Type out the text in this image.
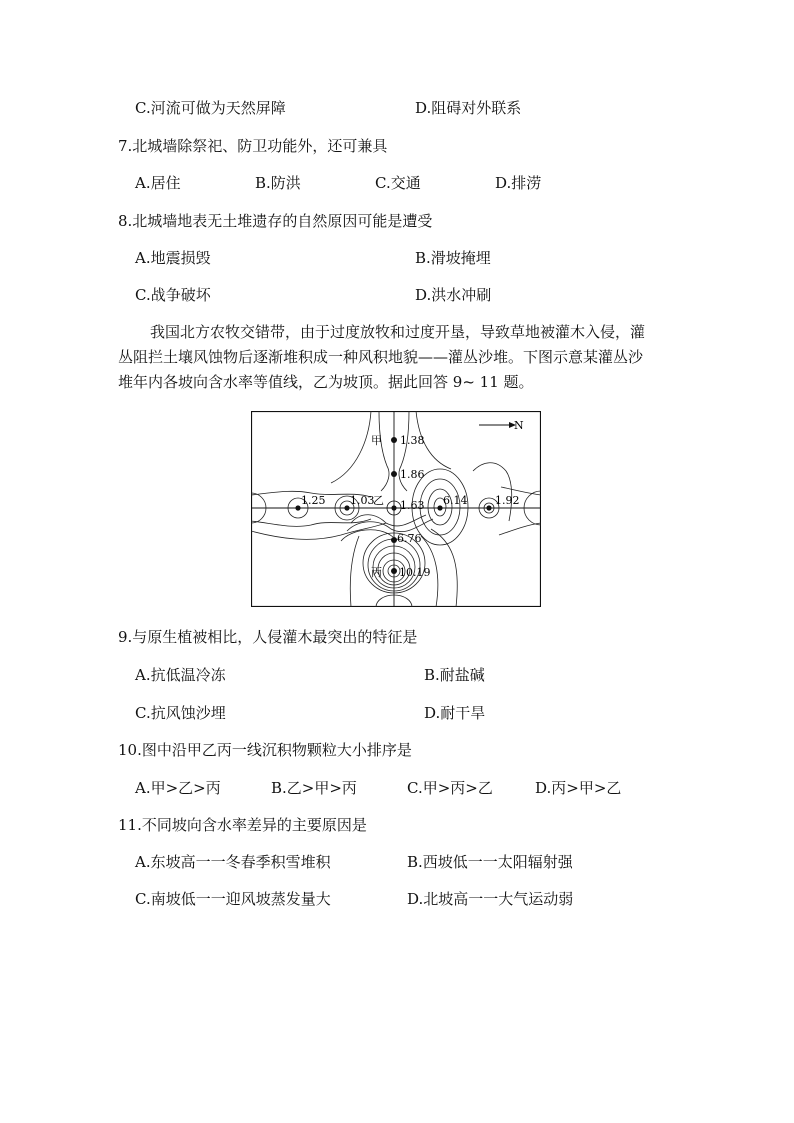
C.河流可做为天然屏障	D.阻碍对外联系
7.北城墙除祭祀、防卫功能外，还可兼具
A.居住	B.防洪	C.交通	D.排涝
8.北城墙地表无土堆遗存的自然原因可能是遭受
A.地震损毁	B.滑坡掩埋
C.战争破坏	D.洪水冲刷
我国北方农牧交错带，由于过度放牧和过度开垦，导致草地被灌木入侵，灌
丛阻拦土壤风蚀物后逐渐堆积成一种风积地貌——灌丛沙堆。下图示意某灌丛沙
堆年内各坡向含水率等值线，乙为坡顶。据此回答 9~ 11 题。
N
甲 1.38
1.86
乙 1.63
1.25 1.03	6.14	1.92
6.76
丙 10.19
9.与原生植被相比，人侵灌木最突出的特征是
A.抗低温冷冻	B.耐盐碱
C.抗风蚀沙埋	D.耐干旱
10.图中沿甲乙丙一线沉积物颗粒大小排序是
A.甲>乙>丙	B.乙>甲>丙	C.甲>丙>乙	D.丙>甲>乙
11.不同坡向含水率差异的主要原因是
A.东坡高一一冬春季积雪堆积	B.西坡低一一太阳辐射强
C.南坡低一一迎风坡蒸发量大	D.北坡高一一大气运动弱
